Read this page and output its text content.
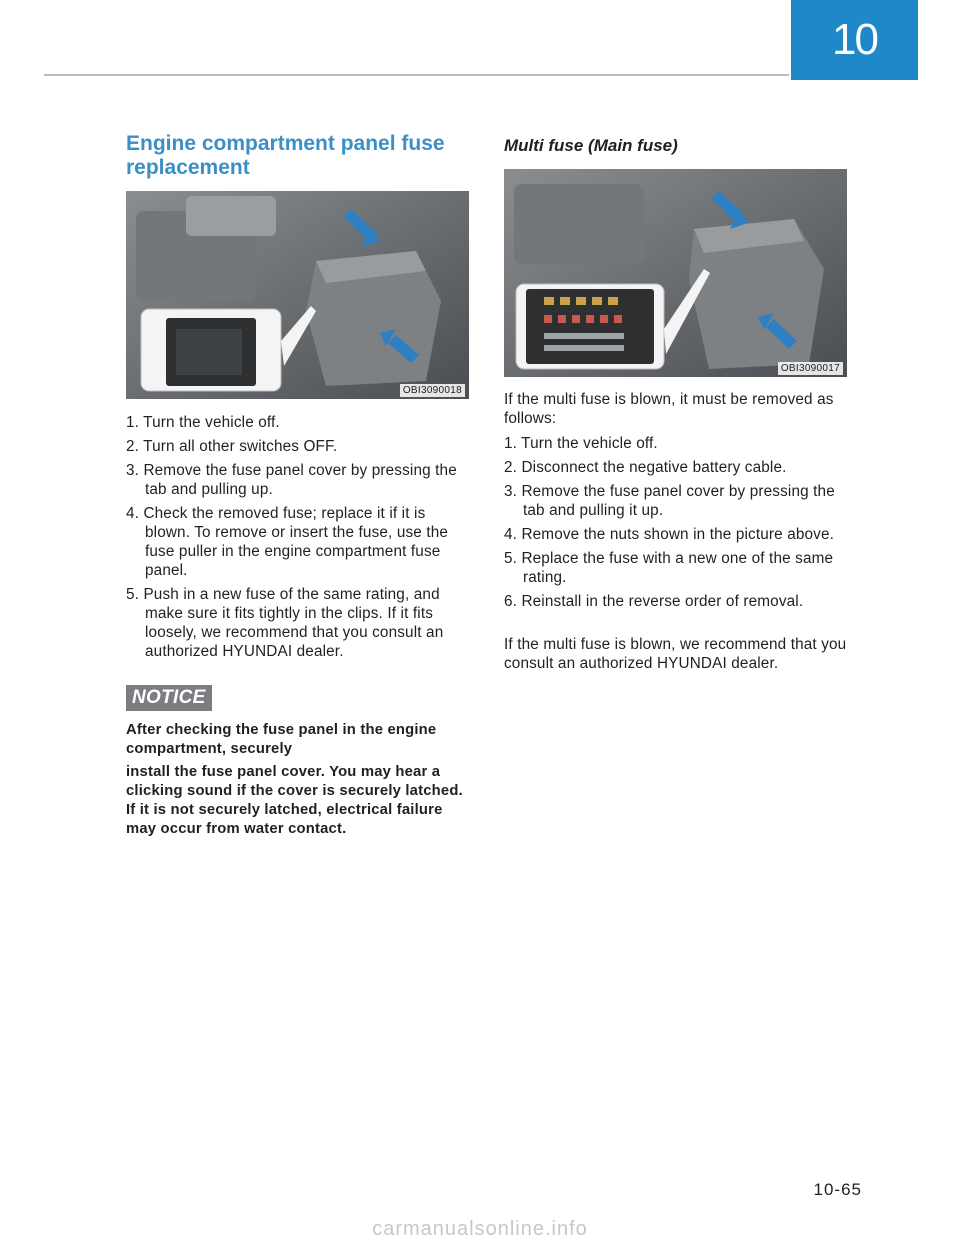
10
Engine compartment panel fuse replacement
OBI3090018
1. Turn the vehicle off.
2. Turn all other switches OFF.
3. Remove the fuse panel cover by pressing the tab and pulling up.
4. Check the removed fuse; replace it if it is blown. To remove or insert the fuse, use the fuse puller in the engine compartment fuse panel.
5. Push in a new fuse of the same rating, and make sure it fits tightly in the clips. If it fits loosely, we recommend that you consult an authorized HYUNDAI dealer.
NOTICE

After checking the fuse panel in the engine compartment, securely

install the fuse panel cover. You may hear a clicking sound if the cover is securely latched. If it is not securely latched, electrical failure may occur from water contact.

Multi fuse (Main fuse)
OBI3090017

If the multi fuse is blown, it must be removed as follows:

1. Turn the vehicle off.
2. Disconnect the negative battery cable.
3. Remove the fuse panel cover by pressing the tab and pulling it up.
4. Remove the nuts shown in the picture above.
5. Replace the fuse with a new one of the same rating.
6. Reinstall in the reverse order of removal.

If the multi fuse is blown, we recommend that you consult an authorized HYUNDAI dealer.

10-65
carmanualsonline.info
